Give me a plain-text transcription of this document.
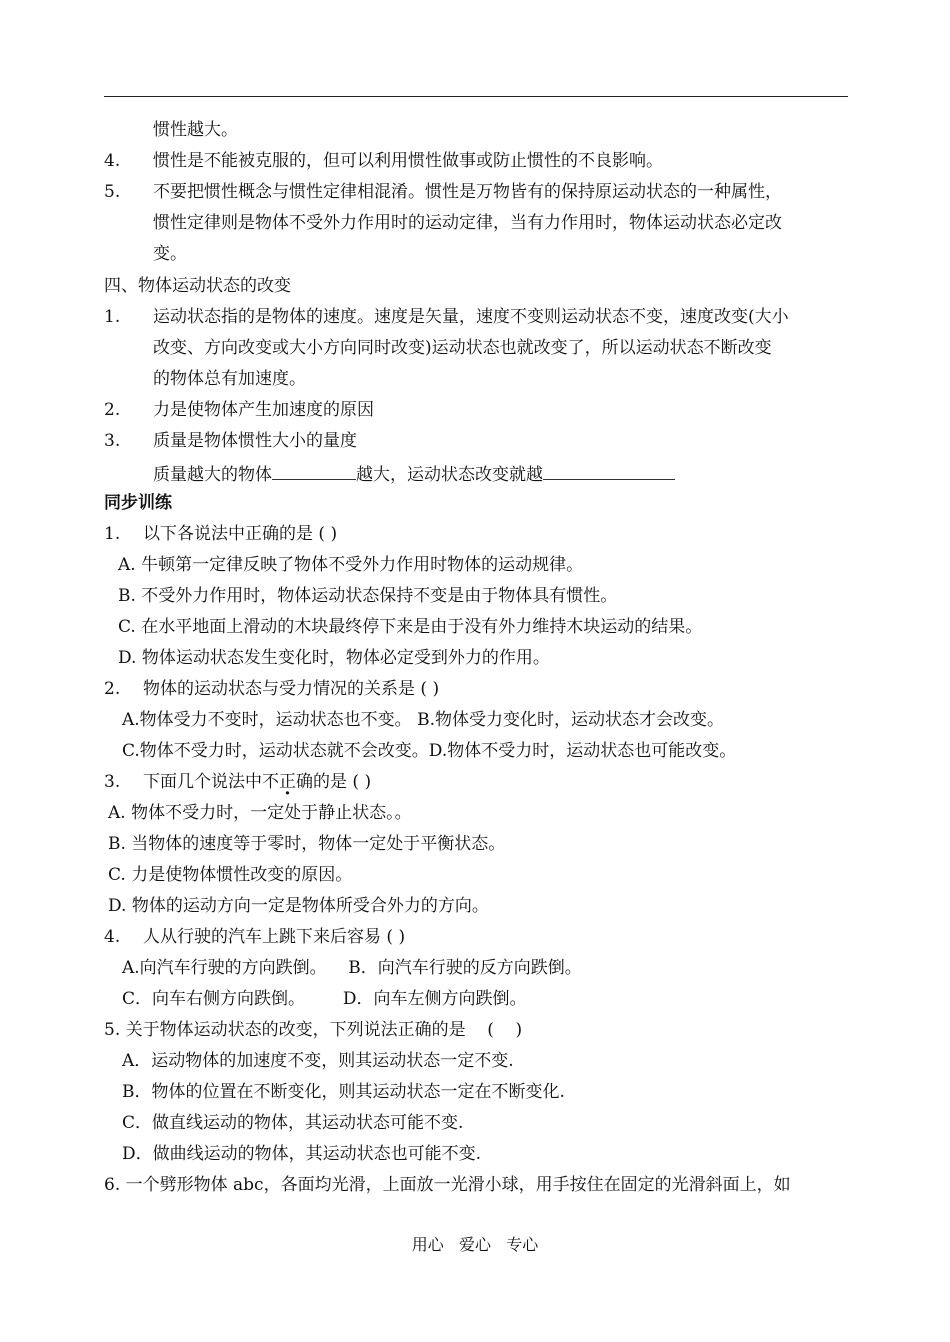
惯性越大。
4. 惯性是不能被克服的，但可以利用惯性做事或防止惯性的不良影响。
5. 不要把惯性概念与惯性定律相混淆。惯性是万物皆有的保持原运动状态的一种属性，
惯性定律则是物体不受外力作用时的运动定律，当有力作用时，物体运动状态必定改
变。
四、物体运动状态的改变
1. 运动状态指的是物体的速度。速度是矢量，速度不变则运动状态不变，速度改变(大小
改变、方向改变或大小方向同时改变)运动状态也就改变了，所以运动状态不断改变
的物体总有加速度。
2. 力是使物体产生加速度的原因
3. 质量是物体惯性大小的量度
质量越大的物体	越大，运动状态改变就越
同步训练
1. 以下各说法中正确的是 ( )
A. 牛顿第一定律反映了物体不受外力作用时物体的运动规律。
B. 不受外力作用时，物体运动状态保持不变是由于物体具有惯性。
C. 在水平地面上滑动的木块最终停下来是由于没有外力维持木块运动的结果。
D. 物体运动状态发生变化时，物体必定受到外力的作用。
2. 物体的运动状态与受力情况的关系是 ( )
A.物体受力不变时，运动状态也不变。 B.物体受力变化时，运动状态才会改变。
C.物体不受力时，运动状态就不会改变。D.物体不受力时，运动状态也可能改变。
3. 下面几个说法中不正确的是 ( )
A. 物体不受力时，一定处于静止状态。。
B. 当物体的速度等于零时，物体一定处于平衡状态。
C. 力是使物体惯性改变的原因。
D. 物体的运动方向一定是物体所受合外力的方向。
4. 人从行驶的汽车上跳下来后容易 ( )
A.向汽车行驶的方向跌倒。    B．向汽车行驶的反方向跌倒。
C．向车右侧方向跌倒。       D．向车左侧方向跌倒。
5. 关于物体运动状态的改变，下列说法正确的是    (    )
A．运动物体的加速度不变，则其运动状态一定不变.
B．物体的位置在不断变化，则其运动状态一定在不断变化.
C．做直线运动的物体，其运动状态可能不变.
D．做曲线运动的物体，其运动状态也可能不变.
6. 一个劈形物体 abc，各面均光滑，上面放一光滑小球，用手按住在固定的光滑斜面上，如
用心   爱心   专心
